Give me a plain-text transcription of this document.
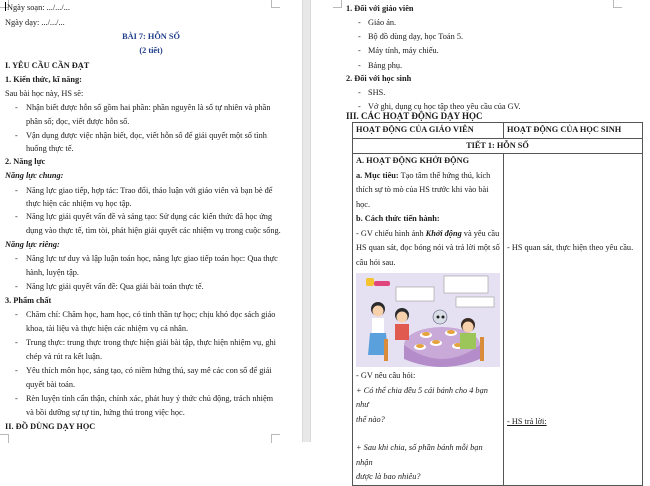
Ngày soạn: .../.../...
Ngày dạy: .../.../...
BÀI 7: HỖN SỐ
(2 tiết)
I. YÊU CẦU CẦN ĐẠT
1. Kiến thức, kĩ năng:
Sau bài học này, HS sẽ:
- Nhận biết được hỗn số gồm hai phần: phần nguyên là số tự nhiên và phần
phân số; đọc, viết được hỗn số.
- Vận dụng được việc nhận biết, đọc, viết hỗn số để giải quyết một số tình
huống thực tế.
2. Năng lực
Năng lực chung:
- Năng lực giao tiếp, hợp tác: Trao đổi, thảo luận với giáo viên và bạn bè để
thực hiện các nhiệm vụ học tập.
- Năng lực giải quyết vấn đề và sáng tạo: Sử dụng các kiến thức đã học ứng
dụng vào thực tế, tìm tòi, phát hiện giải quyết các nhiệm vụ trong cuộc sống.
Năng lực riêng:
- Năng lực tư duy và lập luận toán học, năng lực giao tiếp toán học: Qua thực
hành, luyện tập.
- Năng lực giải quyết vấn đề: Qua giải bài toán thực tế.
3. Phẩm chất
- Chăm chỉ: Chăm học, ham học, có tinh thần tự học; chịu khó đọc sách giáo
khoa, tài liệu và thực hiện các nhiệm vụ cá nhân.
- Trung thực: trung thực trong thực hiện giải bài tập, thực hiện nhiệm vụ, ghi
chép và rút ra kết luận.
- Yêu thích môn học, sáng tạo, có niềm hứng thú, say mê các con số để giải
quyết bài toán.
- Rèn luyện tính cẩn thận, chính xác, phát huy ý thức chủ động, trách nhiệm
và bồi dưỡng sự tự tin, hứng thú trong việc học.
II. ĐỒ DÙNG DẠY HỌC
1. Đối với giáo viên
- Giáo án.
- Bộ đồ dùng dạy, học Toán 5.
- Máy tính, máy chiếu.
- Bảng phụ.
2. Đối với học sinh
- SHS.
- Vở ghi, dụng cụ học tập theo yêu cầu của GV.
III. CÁC HOẠT ĐỘNG DẠY HỌC
HOẠT ĐỘNG CỦA GIÁO VIÊN	HOẠT ĐỘNG CỦA HỌC SINH
TIẾT 1: HỖN SỐ	

A. HOẠT ĐỘNG KHỞI ĐỘNG
a. Mục tiêu: Tạo tâm thế hứng thú, kích
thích sự tò mò của HS trước khi vào bài học.
b. Cách thức tiến hành:
- GV chiếu hình ảnh Khởi động và yêu cầu
HS quan sát, đọc bóng nói và trả lời một số
câu hỏi sau.
- GV nêu câu hỏi:
+ Có thể chia đều 5 cái bánh cho 4 bạn như
thế nào?
+ Sau khi chia, số phần bánh mỗi bạn nhận
được là bao nhiêu?

- HS quan sát, thực hiện theo yêu cầu.
- HS trả lời:
